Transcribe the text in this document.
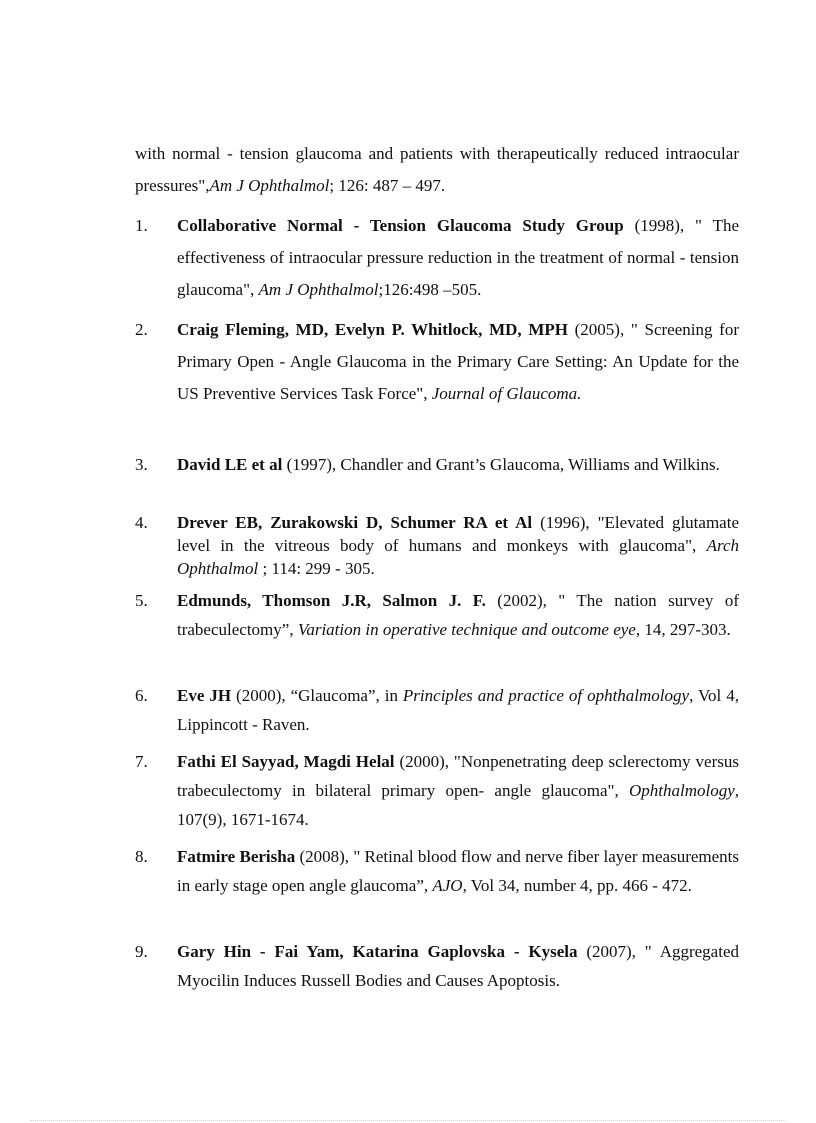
with normal - tension glaucoma and patients with therapeutically reduced intraocular pressures",Am J Ophthalmol; 126: 487 – 497.

1. Collaborative Normal - Tension Glaucoma Study Group (1998), " The effectiveness of intraocular pressure reduction in the treatment of normal - tension glaucoma", Am J Ophthalmol;126:498 –505.

2. Craig Fleming, MD, Evelyn P. Whitlock, MD, MPH (2005), " Screening for Primary Open - Angle Glaucoma in the Primary Care Setting: An Update for the US Preventive Services Task Force", Journal of Glaucoma.

3. David LE et al (1997), Chandler and Grant’s Glaucoma, Williams and Wilkins.

4. Drever EB, Zurakowski D, Schumer RA et Al (1996), "Elevated glutamate level in the vitreous body of humans and monkeys with glaucoma", Arch Ophthalmol ; 114: 299 - 305.

5. Edmunds, Thomson J.R, Salmon J. F. (2002), " The nation survey of trabeculectomy”, Variation in operative technique and outcome eye, 14, 297-303.

6. Eve JH (2000), “Glaucoma”, in Principles and practice of ophthalmology, Vol 4, Lippincott - Raven.

7. Fathi El Sayyad, Magdi Helal (2000), "Nonpenetrating deep sclerectomy versus trabeculectomy in bilateral primary open- angle glaucoma", Ophthalmology, 107(9), 1671-1674.

8. Fatmire Berisha (2008), " Retinal blood flow and nerve fiber layer measurements in early stage open angle glaucoma”, AJO, Vol 34, number 4, pp. 466 - 472.

9. Gary Hin - Fai Yam, Katarina Gaplovska - Kysela (2007), " Aggregated Myocilin Induces Russell Bodies and Causes Apoptosis.
